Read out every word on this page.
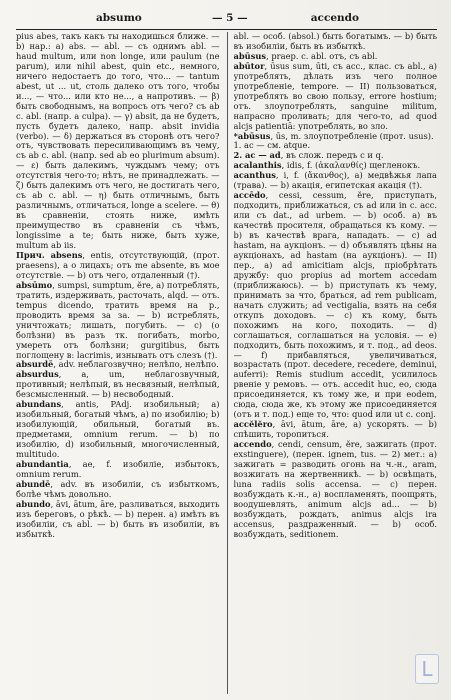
absumo	— 5 —	accendo

pius abes, такъ какъ ты находишься ближе. — b) нар.: a) abs. — abl. — съ однимъ abl. — haud multum, или non longe, или paulum (ne parum), или nihil abest, quin etc., немного, ничего недостаетъ до того, что... — tantum abest, ut ... ut, столь далеко отъ того, чтобы и..., — что... или кто не..., а напротивъ. — β) быть свободнымъ, на вопросъ отъ чего? съ ab с. abl. (напр. a culpa). — γ) absit, да не будетъ, пусть будетъ далеко, напр. absit invidia (verbo). — δ) держаться въ сторонѣ отъ чего? отъ, чувствовать пересиливающимъ въ чему, съ ab c. abl. (напр. sed ab eo plurimum absum). — ε) быть далекимъ, чуждымъ чему; отъ отсутствія чего-то; нѣтъ, не принадлежать. — ζ) быть далекимъ отъ чего, не достигать чего, съ ab c. abl. — η) быть отличнымъ, быть различнымъ, отличаться, longe a scelere. — θ) въ сравненіи, стоять ниже, имѣть преимущество въ сравненіи съ чѣмъ, longissime a te; быть ниже, быть хуже, multum ab iis.

Прич. absens, entis, отсутствующій, (прот. praesens), a о лицахъ; отъ me absente, въ мое отсутствіе. — b) отъ чего, отдаленный (†).

absūmo, sumpsi, sumptum, ĕre, a) потреблять, тратить, издерживать, расточать, alqd. — отъ. tempus dicendo, тратить время на р., проводить время за за. — b) истреблять, уничтожать; лишать, погубить. — c) (о болѣзни) въ разъ тк. погибать, morbo, умереть отъ болѣзни; gurgitibus, быть поглощену в: lacrimis, изнывать отъ слезъ (†).

absurdē, adv. неблагозвучно; нелѣпо, нелѣпо.

absurdus, a, um, неблагозвучный, противный; нелѣпый, въ несвязный, нелѣпый, безсмысленный. — b) несвободный.

abundans, antis, PAdj. изобильный; a) изобильный, богатый чѣмъ, a) по изобилію; b) изобилующій, обильный, богатый въ. предметами, omnium rerum. — b) по изобилію, d) изобильный, многочисленный, multitudo.

abundantia, ae, f. изобиліе, избытокъ, omnium rerum.

abundē, adv. въ изобиліи, съ избыткомъ, болѣе чѣмъ довольно.

abundo, āvi, ātum, āre, разливаться, выходить изъ береговъ, о рѣкѣ. — b) перен. a) имѣть въ изобиліи, съ abl. — b) быть въ изобиліи, въ избыткѣ.

abl. — особ. (absol.) быть богатымъ. — b) быть въ изобиліи, быть въ избыткѣ.

abūsus, praep. c. abl. отъ, съ abl.

abūtor, ūsus sum, ūti, съ acc., клас. съ abl., a) употреблять, дѣлать изъ чего полное употребленіе, tempore. — II) пользоваться, употреблять во свою пользу, errore hostium; отъ. злоупотреблять, sanguine militum, напрасно проливать; для чего-то, ad quod alcjs patientiā: употреблять, во зло.

*abūsus, ūs, m. злоупотребленіе (прот. usus).

1. ac — см. atque.

2. ac — ad, въ слож. передъ c и q.

acalanthis, idis, f. (ἀκαλανθίς) щегленокъ.

acanthus, i, f. (ἄκανθος), a) медвѣжья лапа (трава). — b) акація, египетская акація (†).

accēdo, cessi, cessum, ĕre, приступать, подходить, приближаться, съ ad или in c. acc. или съ dat., ad urbem. — b) особ. a) въ качествѣ просителя, обращаться къ кому. — b) въ качествѣ врага, нападать. — c) ad hastam, на аукціонъ. — d) объявлять цѣны на аукціонахъ, ad hastam (на аукціонъ). — II) пер., a) ad amicitiam alcjs, пріобрѣтать дружбу: quo propius ad mortem accedam (приближаюсь). — b) приступать къ чему, принимать за что, браться, ad rem publicam, начать служить; ad vectigalia, взять на себя откупъ доходовъ. — c) къ кому, быть похожимъ на кого, походить. — d) соглашаться, соглашаться на условія. — e) подходить, быть похожимъ, и т. под., ad deos. — f) прибавляться, увеличиваться, возрастать (прот. decedere, recedere, deminui, auferri): Remis studium accedit, усилилось рвеніе у ремовъ. — отъ. accedit huc, eo, сюда присоединяется, къ тому же, и при eodem, сюда, сюда же, къ этому же присоединяется (отъ и т. под.) еще то, что: quod или ut c. conj.

accĕlĕro, āvi, ātum, āre, a) ускорять. — b) спѣшить, торопиться.

accendo, cendi, censum, ĕre, зажигать (прот. exstinguere), (перен. ignem, tus. — 2) мет.: a) зажигать = разводить огонь на ч.-н., aram, возжигать на жертвенникѣ. — b) освѣщать, luna radiis solis accensa. — c) перен. возбуждать к.-н., a) воспламенять, поощрять, воодушевлять, animum alcjs ad... — b) возбуждать, рождать, animus alcjs ira accensus, раздраженный. — b) особ. возбуждать, seditionem.

L
